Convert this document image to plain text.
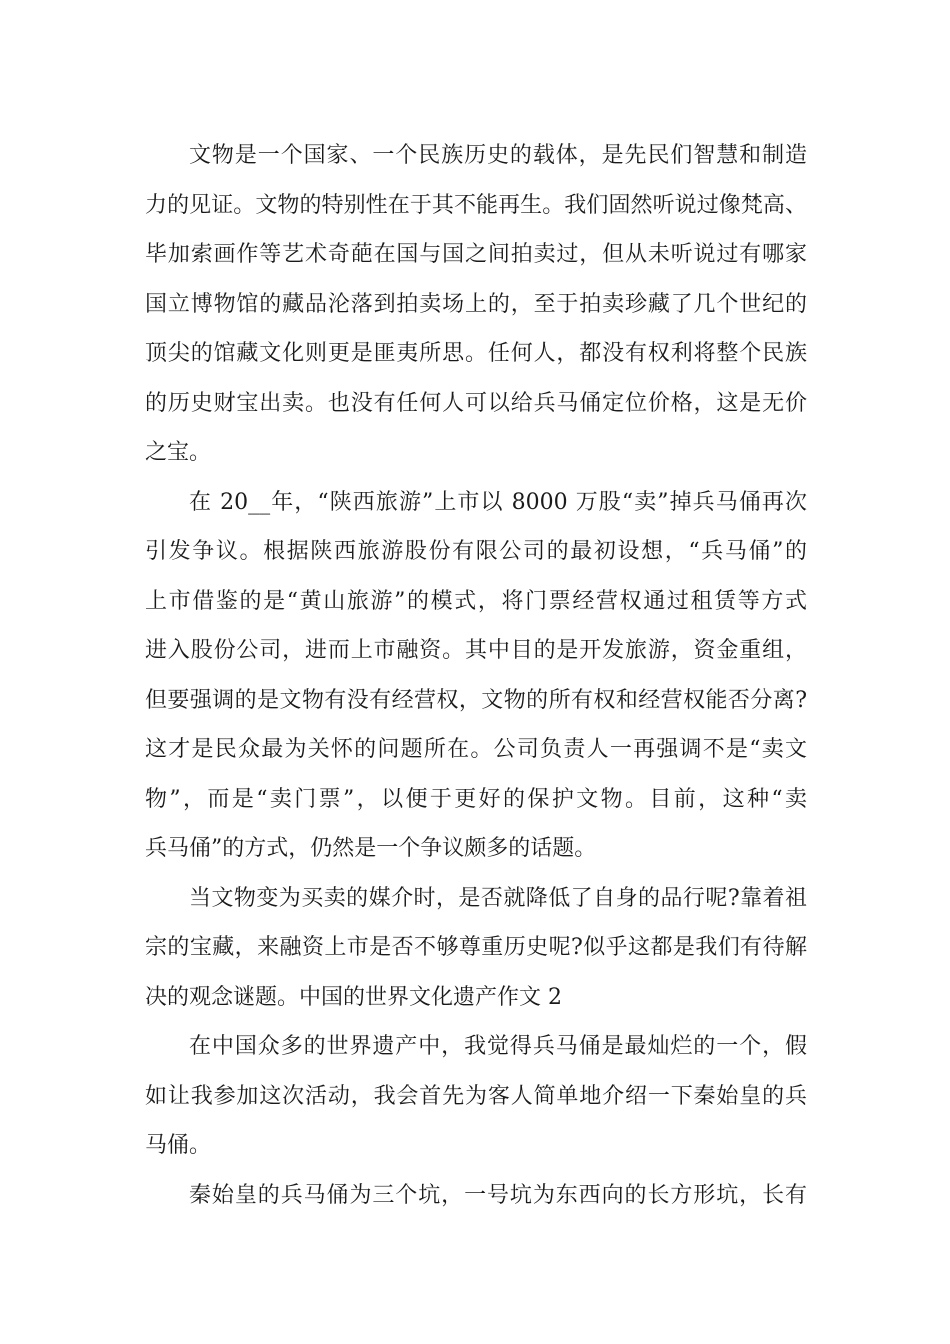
文物是一个国家、一个民族历史的载体，是先民们智慧和制造
力的见证。文物的特别性在于其不能再生。我们固然听说过像梵高、
毕加索画作等艺术奇葩在国与国之间拍卖过，但从未听说过有哪家
国立博物馆的藏品沦落到拍卖场上的，至于拍卖珍藏了几个世纪的
顶尖的馆藏文化则更是匪夷所思。任何人，都没有权利将整个民族
的历史财宝出卖。也没有任何人可以给兵马俑定位价格，这是无价
之宝。
在 20__年，“陕西旅游”上市以 8000 万股“卖”掉兵马俑再次
引发争议。根据陕西旅游股份有限公司的最初设想，“兵马俑”的
上市借鉴的是“黄山旅游”的模式，将门票经营权通过租赁等方式
进入股份公司，进而上市融资。其中目的是开发旅游，资金重组，
但要强调的是文物有没有经营权，文物的所有权和经营权能否分离?
这才是民众最为关怀的问题所在。公司负责人一再强调不是“卖文
物”，而是“卖门票”，以便于更好的保护文物。目前，这种“卖
兵马俑”的方式，仍然是一个争议颇多的话题。
当文物变为买卖的媒介时，是否就降低了自身的品行呢?靠着祖
宗的宝藏，来融资上市是否不够尊重历史呢?似乎这都是我们有待解
决的观念谜题。中国的世界文化遗产作文 2
在中国众多的世界遗产中，我觉得兵马俑是最灿烂的一个，假
如让我参加这次活动，我会首先为客人简单地介绍一下秦始皇的兵
马俑。
秦始皇的兵马俑为三个坑，一号坑为东西向的长方形坑，长有
